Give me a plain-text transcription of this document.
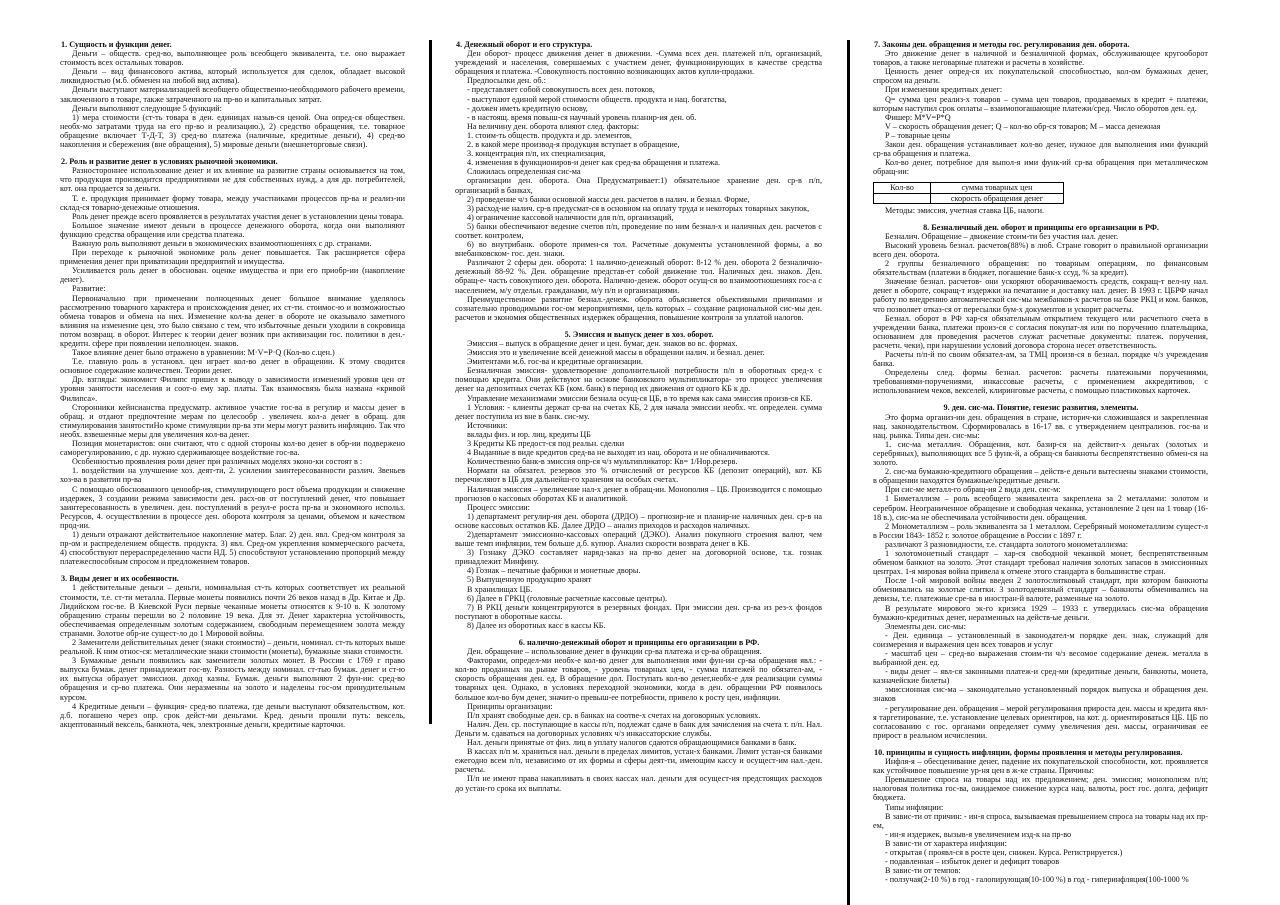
1. Сущность и функции денег.

Деньги – обществ. сред-во, выполняющее роль всеобщего эквивалента, т.е. оно выражает стоимость всех остальных товаров.

Деньги – вид финансового актива, который используется для сделок, обладает высокой ликвидностью (м.б. обменен на любой вид актива).

Деньги выступают материализацией всеобщего общественно-необходимого рабочего времени, заключенного в товаре, также затраченного на пр-во и капитальных затрат.

Деньги выполняют следующие 5 функций:

1) мера стоимости (ст-ть товара в ден. единицах назыв-ся ценой. Она опред-ся обществен. необх-мо затратами труда на его пр-во и реализацию.), 2) средство обращения, т.е. товарное обращение включает Т-Д-Т, 3) сред-во платежа (наличные, кредитные деньги), 4) сред-во накопления и сбережения (вне обращения), 5) мировые деньги (внешнеторговые связи).

2. Роль и развитие денег в условиях рыночной экономики.

Разностороннее использование денег и их влияние на развитие страны основывается на том, что продукция производится предприятиями не для собственных нужд, а для др. потребителей, кот. она продается за деньги.

Т. е. продукция принимает форму товара, между участниками процессов пр-ва и реализ-ии склад-ся товарно-денежные отношения.

Роль денег прежде всего проявляется в результатах участия денег в установлении цены товара.

Большое значение имеют деньги в процессе денежного оборота, когда они выполняют функцию средства обращения или средства платежа.

Важную роль выполняют деньги в экономических взаимоотношениях с др. странами.

При переходе к рыночной экономике роль денег повышается. Так расширяется сфера применения денег при приватизации предприятий и имущества.

Усиливается роль денег в обоснован. оценке имущества и при его приобр-ии (накопление денег).

Развитие:

Первоначально при применении полноценных денег большое внимание уделялось рассмотрению товарного характера и происхождения денег, их ст-ти. стоимос-ю и возможностью обмена товаров и обмена на них. Изменение кол-ва денег в обороте не оказывало заметного влияния на изменение цен, это было связано с тем, что избыточные деньги уходили в сокровища потом возвращ. в оборот. Интерес к теории денег возник при активизации гос. политики в ден.-кредитн. сфере при появлении неполноцен. знаков.

Такое влияние денег было отражено в уравнении: M·V=P·Q (Кол-во с.цен.)

Т.е. главную роль в установл. цен играет кол-во денег в обращении. К этому сводится основное содержание количествен. Теории денег.

Др. взгляды: экономист Филипс пришел к выводу о зависимости изменений уровня цен от уровня занятости населения и соот-о ему зар. платы. Так взаимосвязь была названа «кривой Филипса».

Сторонники кейнсианства предусматр. активное участие гос-ва в регулир и массы денег в обращ. и отдают предпочтение мерам по целесообр . увеличен. кол-а денег в обращ. для стимулирования занятостиНо кроме стимуляции пр-ва эти меры могут развить инфляцию. Так что необх. взвешенные меры для увеличения кол-ва денег.

Позиция монетаристов: они считают, что с одной стороны кол-во денег в обр-ии подвержено саморегулированию, с др. нужно сдерживающее воздействие гос-ва.

Особенностью проявления роли денег при различных моделях эконо-ки состоят в :

1. воздействии на улучшение хоз. деят-ти, 2. усилении заинтересованности различ. Звеньев хоз-ва в развитии пр-ва

С помощью обоснованного ценообр-ия, стимулирующего рост объема продукции и снижение издержек, 3 создании режима зависимости ден. расх-ов от поступлений денег, что повышает заинтересованность в увеличен. ден. поступлений в резул-е роста пр-ва и экономного использ. Ресурсов, 4. осуществлении в процессе ден. оборота контроля за ценами, объемом и качеством прод-ии.

1) деньги отражают действительное накопление матер. Благ. 2) ден. явл. Сред-ом контроля за пр-ом и распределением обществ. продукта. 3) явл. Сред-ом укрепления коммерческого расчета, 4) способствуют перераспределению части НД. 5) способствуют установлению пропорций между платежеспособным спросом и предложением товаров.

3. Виды денег и их особенности.

1 действительные деньги – деньги, номинальная ст-ть которых соответствует их реальной стоимости, т.е. ст-ти металла. Первые монеты появились почти 26 веков назад в Др. Китае и Др. Лидийском гос-ве. В Киевской Руси первые чеканные монеты относятся к 9-10 в. К золотому обращению страны перешли во 2 половине 19 века. Для эт. Денег характерна устойчивость, обеспечиваемая определенным золотым содержанием, свободным перемещением золота между странами. Золотое обр-ие сущест-ло до 1 Мировой войны.

2 Заменители действительных денег (знаки стоимости) – деньги, номинал. ст-ть которых выше реальной. К ним относ-ся: металлические знаки стоимости (монеты), бумажные знаки стоимости.

3 Бумажные деньги появились как заменители золотых монет. В России с 1769 г право выпуска бумаж. денег принадлежит гос-ву. Разность между номинал. ст-тью бумаж. денег и ст-ю их выпуска образует эмиссион. доход казны. Бумаж. деньги выполняют 2 фун-ии: сред-во обращения и ср-во платежа. Они неразменны на золото и наделены гос-ом принудительным курсом.

4 Кредитные деньги – функция- сред-во платежа, где деньги выступают обязательством, кот. д.б. погашено через опр. срок дейст-ми деньгами. Кред. деньги прошли путь: вексель, акцептованный вексель, банкнота, чек, электронные деньги, кредитные карточки.

4. Денежный оборот и его структура.

Ден оборот- процесс движения денег в движении. -Сумма всех ден. платежей п/п, организаций, учреждений и населения, совершаемых с участием денег, функционирующих в качестве средства обращения и платежа. -Совокупность постоянно возникающих актов купли-продажи.

Предпосылки ден. об.:

- представляет собой совокупность всех ден. потоков,

- выступают единой мерой стоимости обществ. продукта и нац. богатства,

- должен иметь кредитную основу,

- в настоящ. время повыш-ся научный уровень планир-ия ден. об.

На величину ден. оборота влияют след. факторы:

1. стоим-ть обществ. продукта и др. элементов,

2. в какой мере производ-я продукция вступает в обращение,

3. концентрация п/п, их специализация,

4. изменения в функциониров-и денег как сред-ва обращения и платежа.

Сложилась определенная сис-ма

организации ден. оборота. Она Предусматривает:1) обязательное хранение ден. ср-в п/п, организаций в банках,

2) проведение ч/з банки основной массы ден. расчетов в налич. и безнал. Форме,

3) расход-ие налич. ср-в предусмат-ся в основном на оплату труда и некоторых товарных закупок,

4) ограничение кассовой наличности для п/п, организаций,

5) банки обеспечивают ведение счетов п/п, проведение по ним безнал-х и наличных ден. расчетов с соответ. контролем,

6) во внутрибанк. обороте примен-ся тол. Расчетные документы установленной формы, а во внебанковском- гос. ден. знаки.

Различают 2 сферы ден. оборота: 1 налично-денежный оборот: 8-12 % ден. оборота 2 безналично-денежный 88-92 %. Ден. обращение представ-ет собой движение тол. Наличных ден. знаков. Ден. обращ-е- часть совокупного ден. оборота. Налично-денеж. оборот осущ-ся во взаимоотношениях гос-а с населением, м/у отдельн. гражданами, м/у п/п и организациями.

Преимущественное развитие безнал.-денеж. оборота объясняется объективными причинами и сознательно проводимыми гос-ом мероприятиями, цель которых – создание рациональной сис-мы ден. расчетов и экономия общественных издержек обращения, повышение контроля за уплатой налогов.

5. Эмиссия и выпуск денег в хоз. оборот.

Эмиссия – выпуск в обращение денег и цен. бумаг, ден. знаков во вс. формах.

Эмиссия это и увеличение всей денежной массы в обращении налич. и безнал. денег.

Эмитентами м.б. гос-ва и кредитные организации.

Безналичная эмиссия- удовлетворение дополнительной потребности п/п в оборотных сред-х с помощью кредита. Они действуют на основе банковского мультипликатора- это процесс увеличения денег на депозитных счетах КБ (ком. банк) в период их движения от одного КБ к др.

Управление механизмами эмиссии безнала осущ-ся ЦБ, в то время как сама эмиссия произв-ся КБ.

1 Условия: - клиенты держат ср-ва на счетах КБ, 2 для начала эмиссии необх. чт. определен. сумма денег поступила из вне в банк. сис-му.

Источники:

вклады физ. и юр. лиц, кредиты ЦБ

3 Кредиты КБ предост-ся под реальн. сделки

4 Выданные в виде кредитов сред-ва не выходят из нац. оборота и не обналичиваются.

Количественно банк-в эмиссия опр-ся ч/з мультипликатор: Кв= 1/Нор.резерв.

Нормати на обязател. резервов это % отчислений от ресурсов КБ (депозит операций), кот. КБ перечисляют в ЦБ для дальнейш-го хранения на особых счетах.

Наличная эмиссия – увеличение нал-х денег в обращ-ии. Монополия – ЦБ. Производится с помощью прогнозов о кассовых оборотах КБ и аналитикой.

Процесс эмиссии:

1) департамент регулир-ия ден. оборота (ДРДО) – прогнозир-ие и планир-ие наличных ден. ср-в на основе кассовых остатков КБ. Далее ДРДО – анализ приходов и расходов наличных.

2)департамент эмиссионно-кассовых операций (ДЭКО). Анализ покупного строения валют, чем выше темп инфляции, тем больше д.б. купюр. Анализ скорости возврата денег в КБ.

3) Гознаку ДЭКО составляет наряд-заказ на пр-во денег на договорной основе, т.к. гознак принадлежит Минфину.

4) Гознак – печатные фабрики и монетные дворы.

5) Выпущенную продукцию хранят

В хранилищах ЦБ.

6) Далее в ГРКЦ (головные расчетные кассовые центры).

7) В РКЦ деньги концентрируются в резервных фондах. При эмиссии ден. ср-ва из рез-х фондов поступают в оборотные кассы.

8) Далее из оборотных касс в кассы КБ.

6. налично-денежный оборот и принципы его организации в РФ.

Ден. обращение – использование денег в функции ср-ва платежа и ср-ва обращения.

Факторами, определ-ми необх-е кол-во денег для выполнения ими фун-ии ср-ва обращения явл.: - кол-во проданных на рынке товаров, - уровень товарных цен, - сумма платежей по обязател-ам, - скорость обращения ден. ед. В обращение дол. Поступать кол-во денег,необх-е для реализации суммы товарных цен. Однако, в условиях переходной экономики, когда в ден. обращении РФ появилось большое кол-во бум денег, значит-о превыш-ее потребности, привело к росту цен, инфляции.

Принципы организации:

П/п хранят свободные ден. ср. в банках на соотве-х счетах на договорных условиях.

Налич. Ден. ср. поступающие в кассы п/п, подлежат сдаче в банк для зачисления на счета т. п/п. Нал. Деньги м. сдаваться на договорных условиях ч/з инкассаторские службы.

Нал. деньги принятые от физ. лиц в уплату налогов сдаются обращающимися банками в банк.

В кассах п/п м. храниться нал. деньги в пределах лимитов, устан-х банками. Лимит устан-ся банками ежегодно всем п/п, независимо от их формы и сферы деят-ти, имеющим кассу и осущест-им нал.-ден. расчеты.

П/п не имеют права накапливать в своих кассах нал. деньги для осущест-ия предстоящих расходов до устан-го срока их выплаты.

7. Законы ден. обращения и методы гос. регулирования ден. оборота.

Это движение денег в наличной и безналичной формах, обслуживающее кругооборот товаров, а также неговарные платежи и расчеты в хозяйстве.

Ценность денег опред-ся их покупательской способностью, кол-ом бумажных денег, спросом на деньги.

При изменении кредитных денег:

Q= сумма цен реализ-х товаров – сумма цен товаров, продаваемых в кредит + платежи, которым наступил срок оплаты – взаимопогашающие платежи/сред. Число оборотов ден. ед.

Фишер: M*V=P*Q

V – скорость обращения денег; Q – кол-во обр-ся товаров; M – масса денежная

P – товарные цены

Закон ден. обращения устанавливает кол-во денег, нужное для выполнения ими функций ср-ва обращения и платежа.

Кол-во денег, потребное для выпол-я ими функ-ий ср-ва обращения при металлическом обращ-ии:

Кол-во	сумма товарных цен
	скорость обращения денег

Методы: эмиссия, учетная ставка ЦБ, налоги.

8. Безналичный ден. оборот и принципы его организации в РФ.

Безналич. Обращение – движение стоим-ти без участия нал. денег.

Высокий уровень безнал. расчетов(88%) в люб. Стране говорит о правильной организации всего ден. оборота.

2 группы безналичного обращения: по товарным операциям, по финансовым обязательствам (платежи в бюджет, погашение банк-х ссуд, % за кредит).

Значение безнал. расчетов- они ускоряют оборачиваемость средств, сокращ-т вел-ну нал. денег в обороте, сокращ-т издержки на печатание и доставку нал. денег. В 1993 г. ЦБРФ начал работу по внедрению автоматической сис-мы межбанков-х расчетов на базе РКЦ и ком. банков, что позволяет отказ-ся от пересылки бум-х документов и ускорит расчеты.

Безнал. оборот в РФ хар-ся обязательным открытием текущего или расчетного счета в учреждении банка, платежи произ-ся с согласия покупат-ля или по поручению плательщика, основанием для проведения расчетов служат расчетные документы: платеж. поручения, расчетн. чеки), при нарушении условий договора сторона несет ответственность.

Расчеты п/п-й по своим обязател-ам, за ТМЦ произв-ся в безнал. порядке ч/з учреждения банка.

Определены след. формы безнал. расчетов: расчеты платежными поручениями, требованиями-поручениями, инкассовые расчеты, с применением аккредитивов, с использованием чеков, векселей, клиринговые расчеты, с помощью пластиковых карточек.

9. ден. сис-ма. Понятие, генезис развития, элементы.

Это форма организ-ии ден. обращения в стране, историч-ки сложившаяся и закрепленная нац. законодательством. Сформировалась в 16-17 вв. с утверждением централизов. гос-ва и нац. рынка. Типы ден. сис-мы:

1. сис-ма металлич. Обращения, кот. базир-ся на действит-х деньгах (золотых и серебряных), выполняющих все 5 функ-й, а обращ-ся банкноты беспрепятственно обмен-ся на золото.

2. сис-ма бумажно-кредитного обращения – действ-е деньги вытеснены знаками стоимости, в обращении находятся бумажные/кредитные деньги.

При сис-ме металл-го обращ-ия 2 вида ден. сис-м:

1 Биметаллизм – роль всеобщего эквивалента закреплена за 2 металлами: золотом и серебром. Неограниченное обращение и свободная чеканка, установление 2 цен на 1 товар (16-18 в.), сис-ма не обеспечивала устойчивости ден. обращения.

2 Монометаллизм – роль эквивалента за 1 металлом. Серебряный монометаллизм сущест-л в России 1843- 1852 г. золотое обращение в России с 1897 г.

различают 3 разновидности, т.е. стандарта золотого монометаллизма:

1 золотомонетный стандарт – хар-ся свободной чеканкой монет, беспрепятственным обменом банкнот на золото. Этот стандарт требовал наличия золотых запасов в эмиссионных центрах. 1-я мировая война привела к отмене этого стандарта в большинстве стран.

После 1-ой мировой войны введен 2 золотослитковый стандарт, при котором банкноты обменивались на золотые слитки. 3 золотодевизный стандарт – банкноты обменивались на девизы, т.е. платежные сре-ва в иностран-й валюте, разменные на золото.

В результате мирового эк-го кризиса 1929 – 1933 г. утвердилась сис-ма обращения бумажно-кредитных денег, неразменных на действ-ые деньги.

Элементы ден. сис-мы:

- Ден. единица – установленный в законодател-м порядке ден. знак, служащий для соизмерения и выражения цен всех товаров и услуг

- масштаб цен – сред-во выражения стоим-ти ч/з весомое содержание денеж. металла в выбранной ден. ед.

- виды денег – явл-ся законными платеж-и сред-ми (кредитные деньги, банкноты, монета, казначейские билеты)

эмиссионная сис-ма – законодательно установленный порядок выпуска и обращения ден. знаков

- регулирование ден. обращения – мерой регулирования прироста ден. массы и кредита явл-я таргетирование, т.е. установление целевых ориентиров, на кот. д. ориентироваться ЦБ. ЦБ по согласованию с гос. органами определяет сумму увеличения ден. массы, ограничивая ее прирост в реальном исчислении.

10. принципы и сущность инфляции, формы проявления и методы регулирования.

Инфля-я – обесценивание денег, падение их покупательской способности, кот. проявляется как устойчивое повышение ур-ня цен в ж-ке страны. Причины:

Превышение спроса на товары над их предложением; ден. эмиссия; монополизм п/п; налоговая политика гос-ва, ожидаемое снижение курса нац. валюты, рост гос. долга, дефицит бюджета.

Типы инфляции:

В завис-ти от причин: - ин-я спроса, вызываемая превышением спроса на товары над их пр-ем,

- ин-я издержек, вызыв-я увеличением изд-к на пр-во

В завис-ти от характера инфляции:

- открытая ( проявл-ся в росте цен, снижен. Курса. Регистрируется.)

- подавленная – избыток денег и дефицит товаров

В завис-ти от темпов:

- ползучая(2-10 %) в год - галопирующая(10-100 %) в год - гиперинфляция(100-1000 %
